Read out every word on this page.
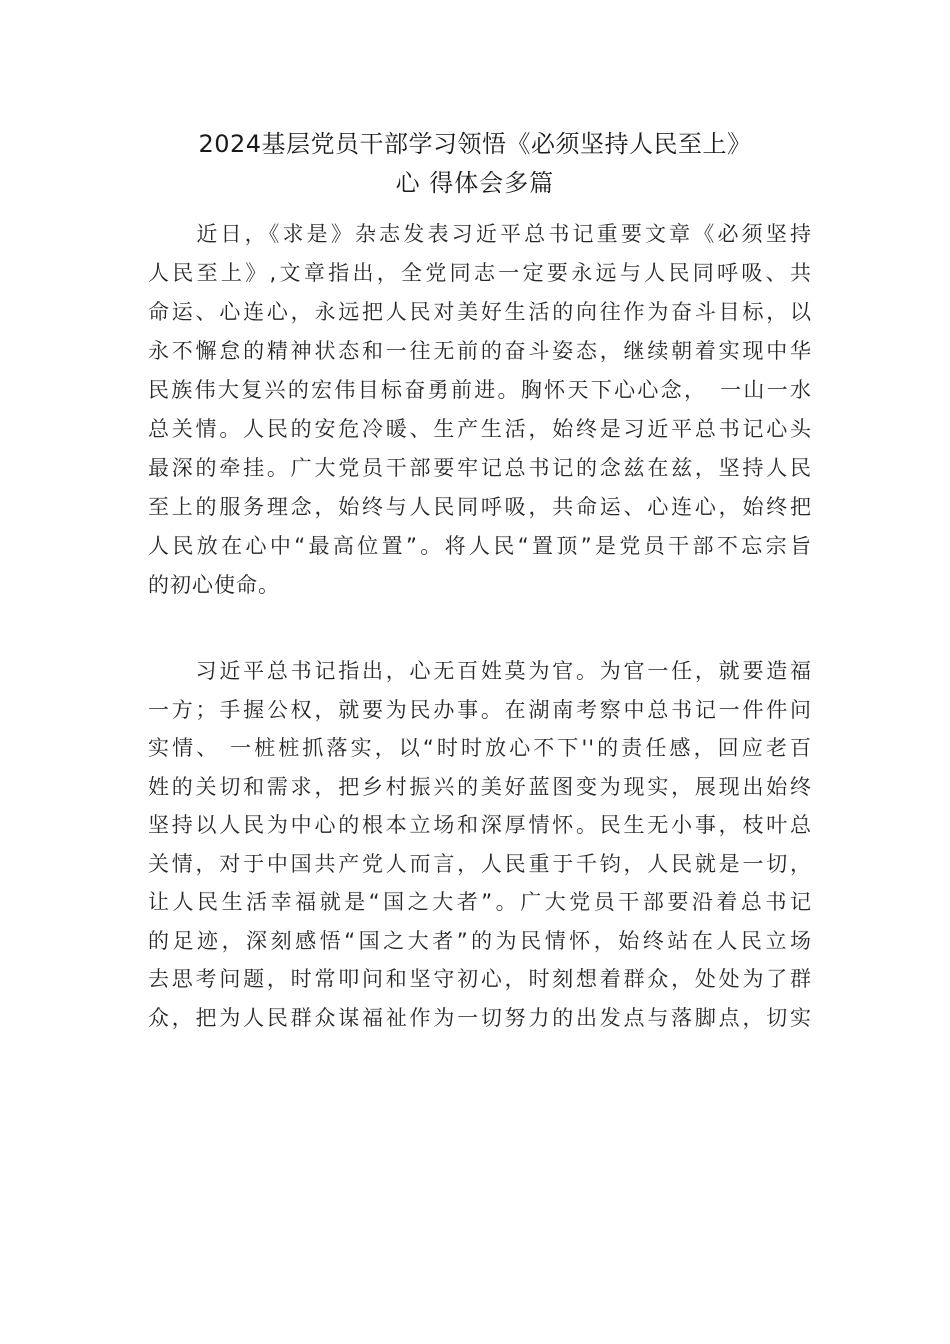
2024基层党员干部学习领悟《必须坚持人民至上》
心 得体会多篇
　　近日，《求是》杂志发表习近平总书记重要文章《必须坚持
人民至上》,文章指出，全党同志一定要永远与人民同呼吸、共
命运、心连心，永远把人民对美好生活的向往作为奋斗目标，以
永不懈怠的精神状态和一往无前的奋斗姿态，继续朝着实现中华
民族伟大复兴的宏伟目标奋勇前进。胸怀天下心心念，　一山一水
总关情。人民的安危冷暖、生产生活，始终是习近平总书记心头
最深的牵挂。广大党员干部要牢记总书记的念兹在兹，坚持人民
至上的服务理念，始终与人民同呼吸，共命运、心连心，始终把
人民放在心中“最高位置”。将人民“置顶”是党员干部不忘宗旨
的初心使命。
　　习近平总书记指出，心无百姓莫为官。为官一任，就要造福
一方；手握公权，就要为民办事。在湖南考察中总书记一件件问
实情、 一桩桩抓落实，以“时时放心不下''的责任感，回应老百
姓的关切和需求，把乡村振兴的美好蓝图变为现实，展现出始终
坚持以人民为中心的根本立场和深厚情怀。民生无小事，枝叶总
关情，对于中国共产党人而言，人民重于千钧，人民就是一切，
让人民生活幸福就是“国之大者”。广大党员干部要沿着总书记
的足迹，深刻感悟“国之大者”的为民情怀，始终站在人民立场
去思考问题，时常叩问和坚守初心，时刻想着群众，处处为了群
众，把为人民群众谋福祉作为一切努力的出发点与落脚点，切实
